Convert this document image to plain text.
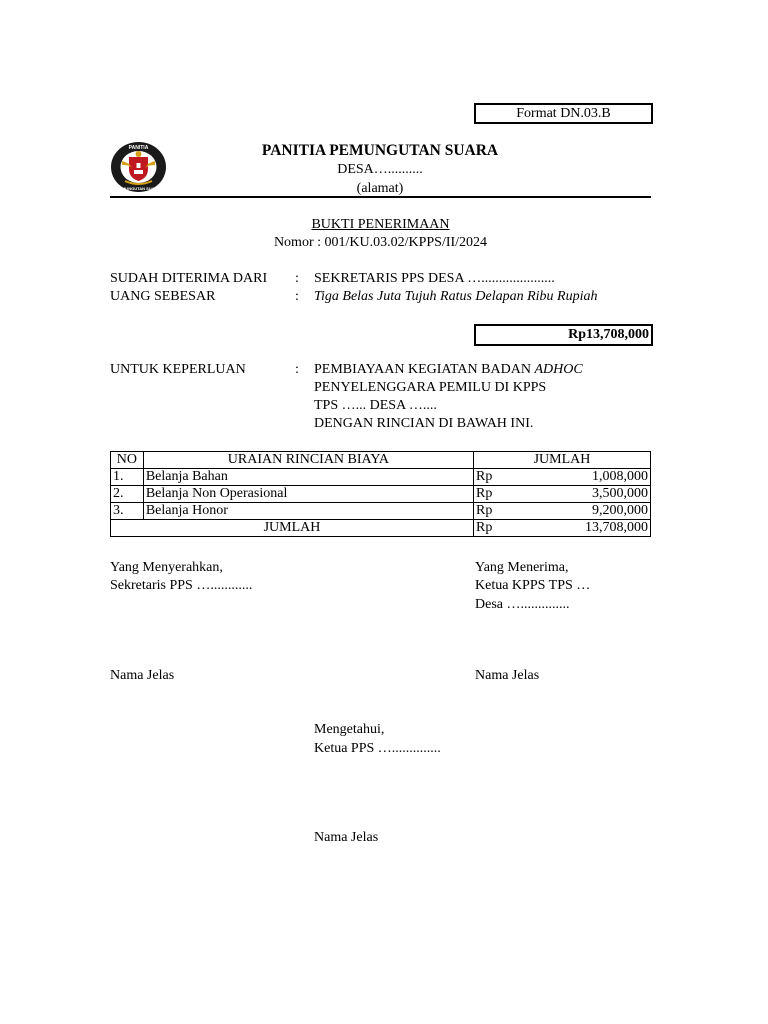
Format DN.03.B
PANITIA
PEMUNGUTAN SUARA
PANITIA PEMUNGUTAN SUARA
DESA…..........
(alamat)
BUKTI PENERIMAAN
Nomor : 001/KU.03.02/KPPS/II/2024
SUDAH DITERIMA DARI : SEKRETARIS PPS DESA ….....................
UANG SEBESAR	: Tiga Belas Juta Tujuh Ratus Delapan Ribu Rupiah
Rp13,708,000
UNTUK KEPERLUAN	: PEMBIAYAAN KEGIATAN BADAN ADHOC
PENYELENGGARA PEMILU DI KPPS
TPS …... DESA …....
DENGAN RINCIAN DI BAWAH INI.
NO	URAIAN RINCIAN BIAYA	JUMLAH	
1.	Belanja Bahan	Rp	1,008,000
2.	Belanja Non Operasional	Rp	3,500,000
3.	Belanja Honor	Rp	9,200,000
JUMLAH		Rp	13,708,000
Yang Menyerahkan,
Sekretaris PPS …............
Nama Jelas
Yang Menerima,
Ketua KPPS TPS …
Desa …..............
Nama Jelas
Mengetahui,
Ketua PPS …..............
Nama Jelas
